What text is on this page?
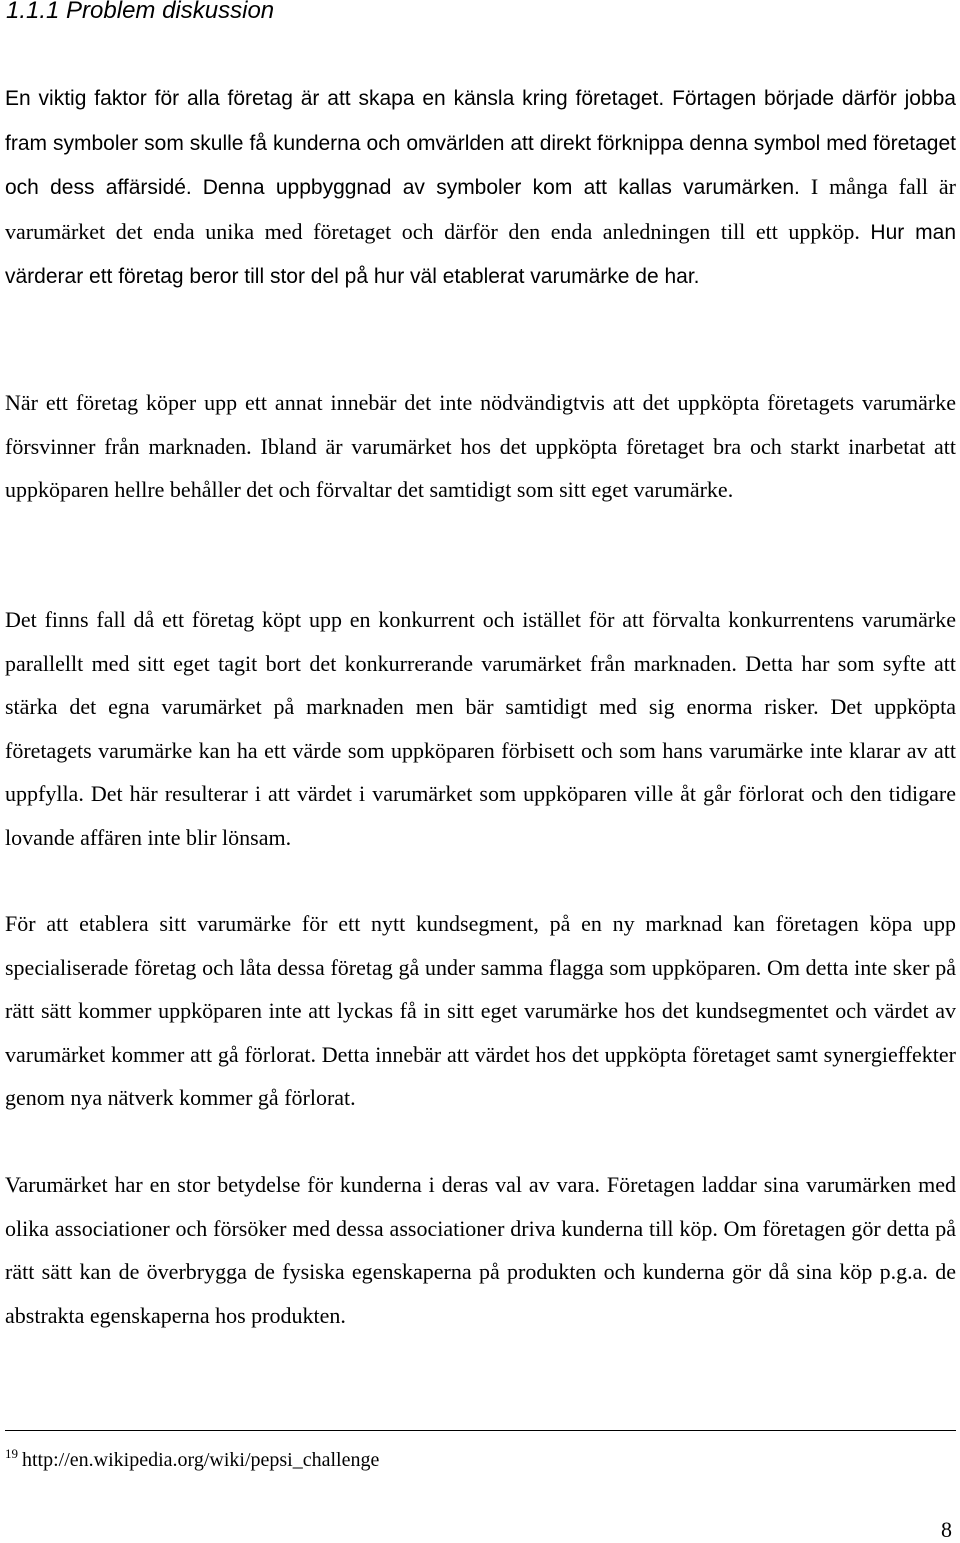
1.1.1 Problem diskussion

En viktig faktor för alla företag är att skapa en känsla kring företaget. Förtagen började därför jobba fram symboler som skulle få kunderna och omvärlden att direkt förknippa denna symbol med företaget och dess affärsidé. Denna uppbyggnad av symboler kom att kallas varumärken. I många fall är varumärket det enda unika med företaget och därför den enda anledningen till ett uppköp. Hur man värderar ett företag beror till stor del på hur väl etablerat varumärke de har.

När ett företag köper upp ett annat innebär det inte nödvändigtvis att det uppköpta företagets varumärke försvinner från marknaden. Ibland är varumärket hos det uppköpta företaget bra och starkt inarbetat att uppköparen hellre behåller det och förvaltar det samtidigt som sitt eget varumärke.

Det finns fall då ett företag köpt upp en konkurrent och istället för att förvalta konkurrentens varumärke parallellt med sitt eget tagit bort det konkurrerande varumärket från marknaden. Detta har som syfte att stärka det egna varumärket på marknaden men bär samtidigt med sig enorma risker. Det uppköpta företagets varumärke kan ha ett värde som uppköparen förbisett och som hans varumärke inte klarar av att uppfylla. Det här resulterar i att värdet i varumärket som uppköparen ville åt går förlorat och den tidigare lovande affären inte blir lönsam.

För att etablera sitt varumärke för ett nytt kundsegment, på en ny marknad kan företagen köpa upp specialiserade företag och låta dessa företag gå under samma flagga som uppköparen. Om detta inte sker på rätt sätt kommer uppköparen inte att lyckas få in sitt eget varumärke hos det kundsegmentet och värdet av varumärket kommer att gå förlorat. Detta innebär att värdet hos det uppköpta företaget samt synergieffekter genom nya nätverk kommer gå förlorat.

Varumärket har en stor betydelse för kunderna i deras val av vara. Företagen laddar sina varumärken med olika associationer och försöker med dessa associationer driva kunderna till köp. Om företagen gör detta på rätt sätt kan de överbrygga de fysiska egenskaperna på produkten och kunderna gör då sina köp p.g.a. de abstrakta egenskaperna hos produkten.

$^{19}$ http://en.wikipedia.org/wiki/pepsi_challenge

8
